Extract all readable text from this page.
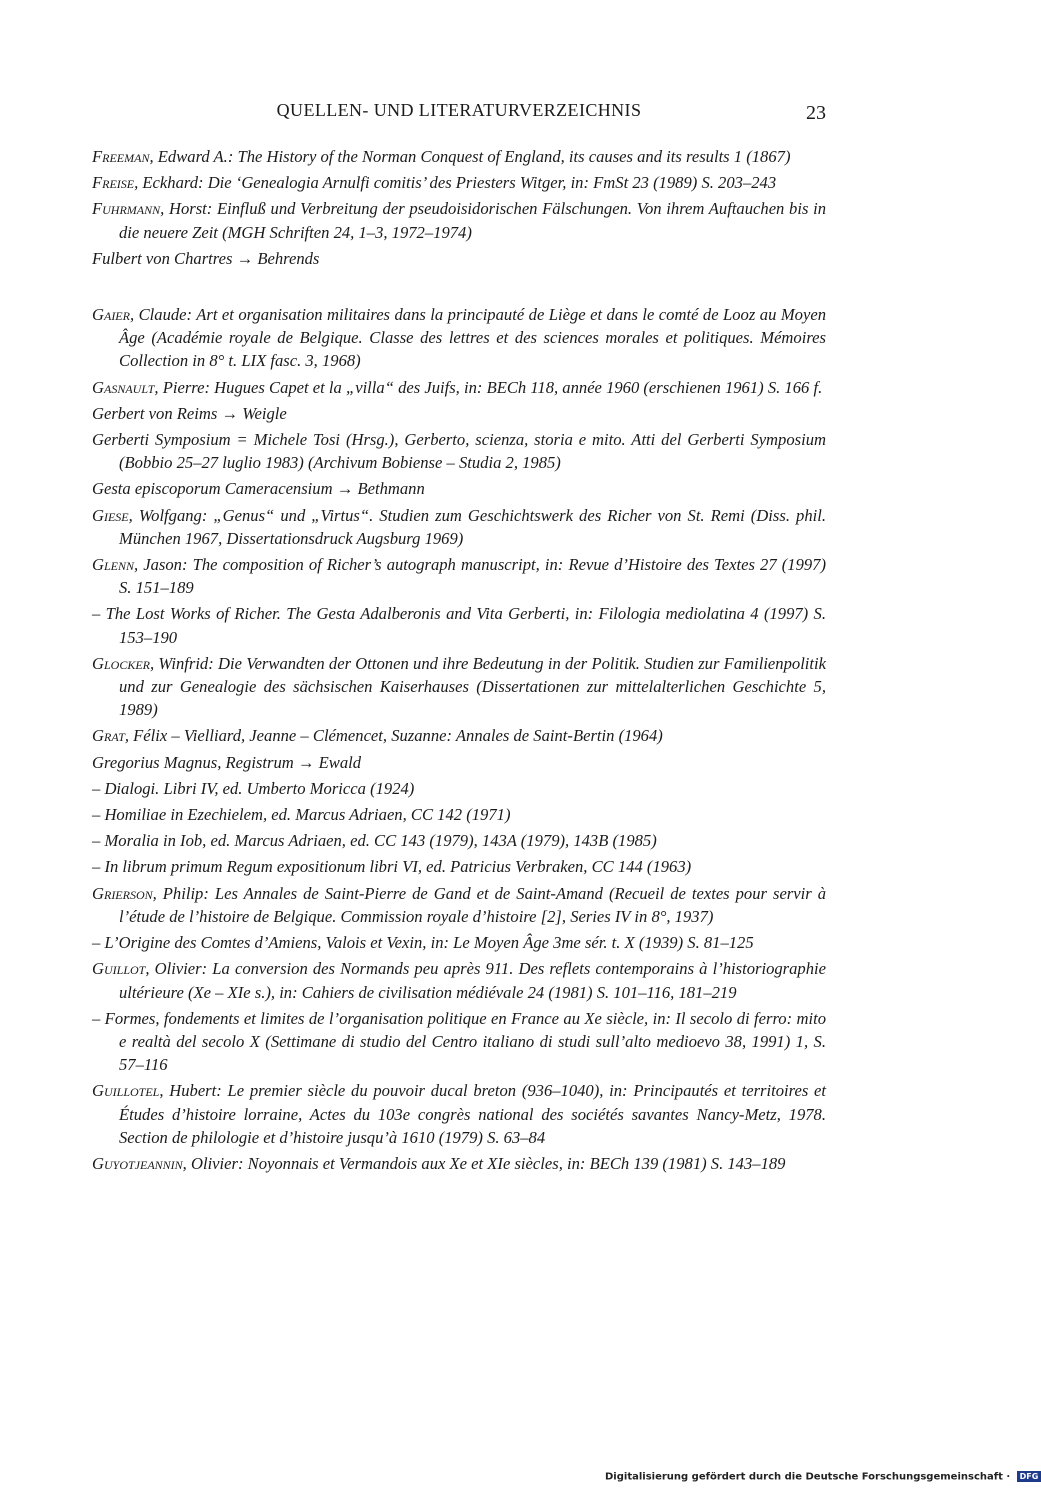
QUELLEN- UND LITERATURVERZEICHNIS	23

Freeman, Edward A.: The History of the Norman Conquest of England, its causes and its results 1 (1867)

Freise, Eckhard: Die ‘Genealogia Arnulfi comitis’ des Priesters Witger, in: FmSt 23 (1989) S. 203–243

Fuhrmann, Horst: Einfluß und Verbreitung der pseudoisidorischen Fälschungen. Von ihrem Auftauchen bis in die neuere Zeit (MGH Schriften 24, 1–3, 1972–1974)

Fulbert von Chartres → Behrends

Gaier, Claude: Art et organisation militaires dans la principauté de Liège et dans le comté de Looz au Moyen Âge (Académie royale de Belgique. Classe des lettres et des sciences morales et politiques. Mémoires Collection in 8° t. LIX fasc. 3, 1968)

Gasnault, Pierre: Hugues Capet et la „villa“ des Juifs, in: BECh 118, année 1960 (erschienen 1961) S. 166 f.

Gerbert von Reims → Weigle

Gerberti Symposium = Michele Tosi (Hrsg.), Gerberto, scienza, storia e mito. Atti del Gerberti Symposium (Bobbio 25–27 luglio 1983) (Archivum Bobiense – Studia 2, 1985)

Gesta episcoporum Cameracensium → Bethmann

Giese, Wolfgang: „Genus“ und „Virtus“. Studien zum Geschichtswerk des Richer von St. Remi (Diss. phil. München 1967, Dissertationsdruck Augsburg 1969)

Glenn, Jason: The composition of Richer’s autograph manuscript, in: Revue d’Histoire des Textes 27 (1997) S. 151–189

– The Lost Works of Richer. The Gesta Adalberonis and Vita Gerberti, in: Filologia mediolatina 4 (1997) S. 153–190

Glocker, Winfrid: Die Verwandten der Ottonen und ihre Bedeutung in der Politik. Studien zur Familienpolitik und zur Genealogie des sächsischen Kaiserhauses (Dissertationen zur mittelalterlichen Geschichte 5, 1989)

Grat, Félix – Vielliard, Jeanne – Clémencet, Suzanne: Annales de Saint-Bertin (1964)

Gregorius Magnus, Registrum → Ewald

– Dialogi. Libri IV, ed. Umberto Moricca (1924)

– Homiliae in Ezechielem, ed. Marcus Adriaen, CC 142 (1971)

– Moralia in Iob, ed. Marcus Adriaen, ed. CC 143 (1979), 143A (1979), 143B (1985)

– In librum primum Regum expositionum libri VI, ed. Patricius Verbraken, CC 144 (1963)

Grierson, Philip: Les Annales de Saint-Pierre de Gand et de Saint-Amand (Recueil de textes pour servir à l’étude de l’histoire de Belgique. Commission royale d’histoire [2], Series IV in 8°, 1937)

– L’Origine des Comtes d’Amiens, Valois et Vexin, in: Le Moyen Âge 3me sér. t. X (1939) S. 81–125

Guillot, Olivier: La conversion des Normands peu après 911. Des reflets contemporains à l’historiographie ultérieure (Xe – XIe s.), in: Cahiers de civilisation médiévale 24 (1981) S. 101–116, 181–219

– Formes, fondements et limites de l’organisation politique en France au Xe siècle, in: Il secolo di ferro: mito e realtà del secolo X (Settimane di studio del Centro italiano di studi sull’alto medioevo 38, 1991) 1, S. 57–116

Guillotel, Hubert: Le premier siècle du pouvoir ducal breton (936–1040), in: Principautés et territoires et Études d’histoire lorraine, Actes du 103e congrès national des sociétés savantes Nancy-Metz, 1978. Section de philologie et d’histoire jusqu’à 1610 (1979) S. 63–84

Guyotjeannin, Olivier: Noyonnais et Vermandois aux Xe et XIe siècles, in: BECh 139 (1981) S. 143–189

Digitalisierung gefördert durch die Deutsche Forschungsgemeinschaft · DFG
